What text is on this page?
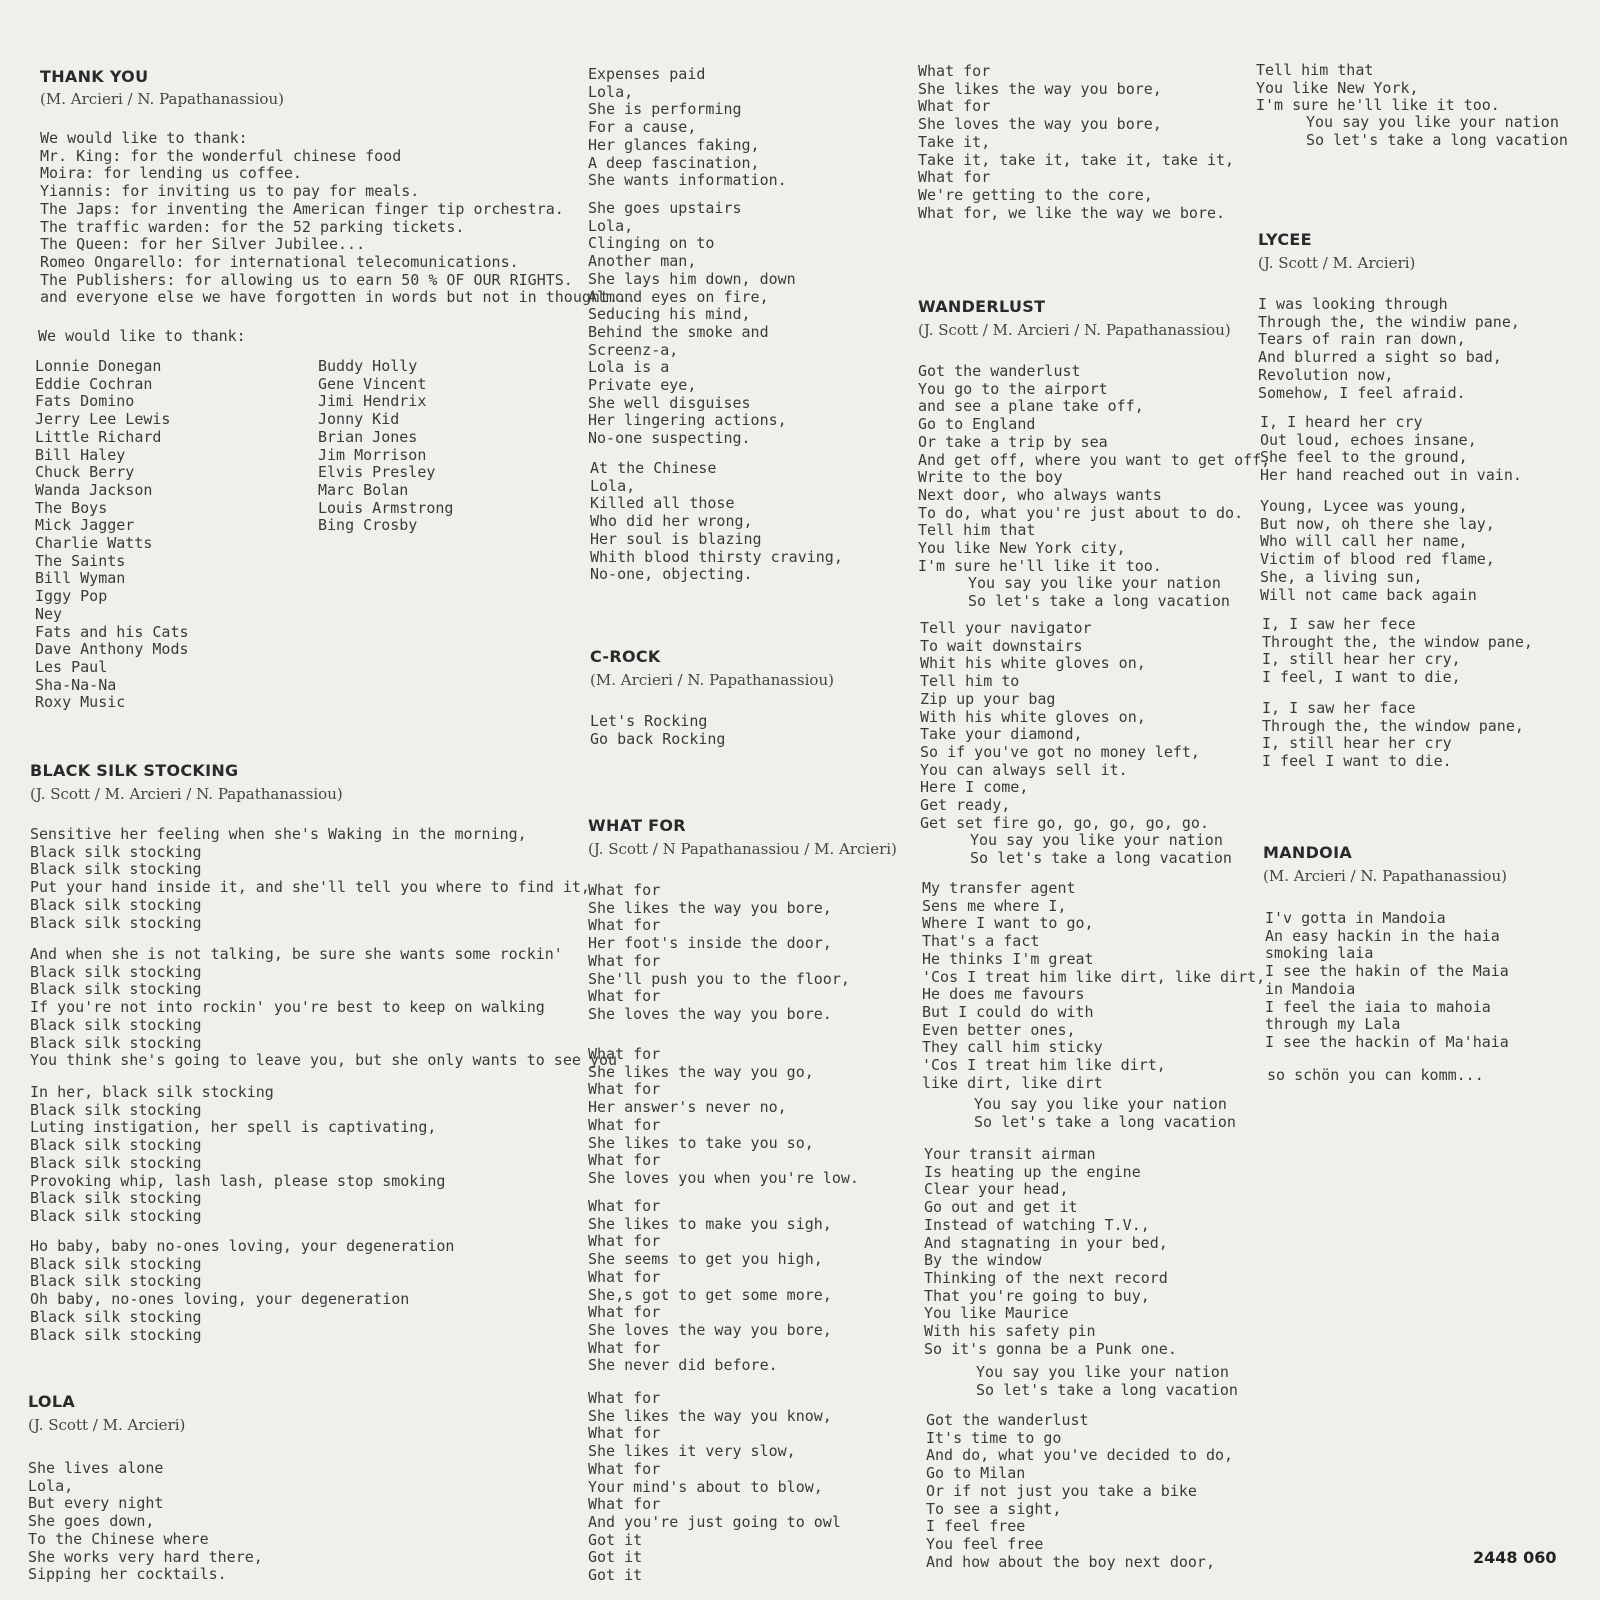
THANK YOU
(M. Arcieri / N. Papathanassiou)
We would like to thank:
Mr. King: for the wonderful chinese food
Moira: for lending us coffee.
Yiannis: for inviting us to pay for meals.
The Japs: for inventing the American finger tip orchestra.
The traffic warden: for the 52 parking tickets.
The Queen: for her Silver Jubilee...
Romeo Ongarello: for international telecomunications.
The Publishers: for allowing us to earn 50 % OF OUR RIGHTS.
and everyone else we have forgotten in words but not in thought...
We would like to thank:
Lonnie Donegan
Eddie Cochran
Fats Domino
Jerry Lee Lewis
Little Richard
Bill Haley
Chuck Berry
Wanda Jackson
The Boys
Mick Jagger
Charlie Watts
The Saints
Bill Wyman
Iggy Pop
Ney
Fats and his Cats
Dave Anthony Mods
Les Paul
Sha-Na-Na
Roxy Music
Buddy Holly
Gene Vincent
Jimi Hendrix
Jonny Kid
Brian Jones
Jim Morrison
Elvis Presley
Marc Bolan
Louis Armstrong
Bing Crosby
BLACK SILK STOCKING
(J. Scott / M. Arcieri / N. Papathanassiou)
Sensitive her feeling when she's Waking in the morning,
Black silk stocking
Black silk stocking
Put your hand inside it, and she'll tell you where to find it,
Black silk stocking
Black silk stocking
And when she is not talking, be sure she wants some rockin'
Black silk stocking
Black silk stocking
If you're not into rockin' you're best to keep on walking
Black silk stocking
Black silk stocking
You think she's going to leave you, but she only wants to see you
In her, black silk stocking
Black silk stocking
Luting instigation, her spell is captivating,
Black silk stocking
Black silk stocking
Provoking whip, lash lash, please stop smoking
Black silk stocking
Black silk stocking
Ho baby, baby no-ones loving, your degeneration
Black silk stocking
Black silk stocking
Oh baby, no-ones loving, your degeneration
Black silk stocking
Black silk stocking
LOLA
(J. Scott / M. Arcieri)
She lives alone
Lola,
But every night
She goes down,
To the Chinese where
She works very hard there,
Sipping her cocktails.
Expenses paid
Lola,
She is performing
For a cause,
Her glances faking,
A deep fascination,
She wants information.
She goes upstairs
Lola,
Clinging on to
Another man,
She lays him down, down
Almond eyes on fire,
Seducing his mind,
Behind the smoke and
Screenz-a,
Lola is a
Private eye,
She well disguises
Her lingering actions,
No-one suspecting.
At the Chinese
Lola,
Killed all those
Who did her wrong,
Her soul is blazing
Whith blood thirsty craving,
No-one, objecting.
C-ROCK
(M. Arcieri / N. Papathanassiou)
Let's Rocking
Go back Rocking
WHAT FOR
(J. Scott / N Papathanassiou / M. Arcieri)
What for
She likes the way you bore,
What for
Her foot's inside the door,
What for
She'll push you to the floor,
What for
She loves the way you bore.
What for
She likes the way you go,
What for
Her answer's never no,
What for
She likes to take you so,
What for
She loves you when you're low.
What for
She likes to make you sigh,
What for
She seems to get you high,
What for
She,s got to get some more,
What for
She loves the way you bore,
What for
She never did before.
What for
She likes the way you know,
What for
She likes it very slow,
What for
Your mind's about to blow,
What for
And you're just going to owl
Got it
Got it
Got it
What for
She likes the way you bore,
What for
She loves the way you bore,
Take it,
Take it, take it, take it, take it,
What for
We're getting to the core,
What for, we like the way we bore.
WANDERLUST
(J. Scott / M. Arcieri / N. Papathanassiou)
Got the wanderlust
You go to the airport
and see a plane take off,
Go to England
Or take a trip by sea
And get off, where you want to get off,
Write to the boy
Next door, who always wants
To do, what you're just about to do.
Tell him that
You like New York city,
I'm sure he'll like it too.
You say you like your nation
So let's take a long vacation
Tell your navigator
To wait downstairs
Whit his white gloves on,
Tell him to
Zip up your bag
With his white gloves on,
Take your diamond,
So if you've got no money left,
You can always sell it.
Here I come,
Get ready,
Get set fire go, go, go, go, go.
You say you like your nation
So let's take a long vacation
My transfer agent
Sens me where I,
Where I want to go,
That's a fact
He thinks I'm great
'Cos I treat him like dirt, like dirt,
He does me favours
But I could do with
Even better ones,
They call him sticky
'Cos I treat him like dirt,
like dirt, like dirt
You say you like your nation
So let's take a long vacation
Your transit airman
Is heating up the engine
Clear your head,
Go out and get it
Instead of watching T.V.,
And stagnating in your bed,
By the window
Thinking of the next record
That you're going to buy,
You like Maurice
With his safety pin
So it's gonna be a Punk one.
You say you like your nation
So let's take a long vacation
Got the wanderlust
It's time to go
And do, what you've decided to do,
Go to Milan
Or if not just you take a bike
To see a sight,
I feel free
You feel free
And how about the boy next door,
Tell him that
You like New York,
I'm sure he'll like it too.
You say you like your nation
So let's take a long vacation
LYCEE
(J. Scott / M. Arcieri)
I was looking through
Through the, the windiw pane,
Tears of rain ran down,
And blurred a sight so bad,
Revolution now,
Somehow, I feel afraid.
I, I heard her cry
Out loud, echoes insane,
She feel to the ground,
Her hand reached out in vain.
Young, Lycee was young,
But now, oh there she lay,
Who will call her name,
Victim of blood red flame,
She, a living sun,
Will not came back again
I, I saw her fece
Throught the, the window pane,
I, still hear her cry,
I feel, I want to die,
I, I saw her face
Through the, the window pane,
I, still hear her cry
I feel I want to die.
MANDOIA
(M. Arcieri / N. Papathanassiou)
I'v gotta in Mandoia
An easy hackin in the haia
smoking laia
I see the hakin of the Maia
in Mandoia
I feel the iaia to mahoia
through my Lala
I see the hackin of Ma'haia
so schön you can komm...
2448 060
